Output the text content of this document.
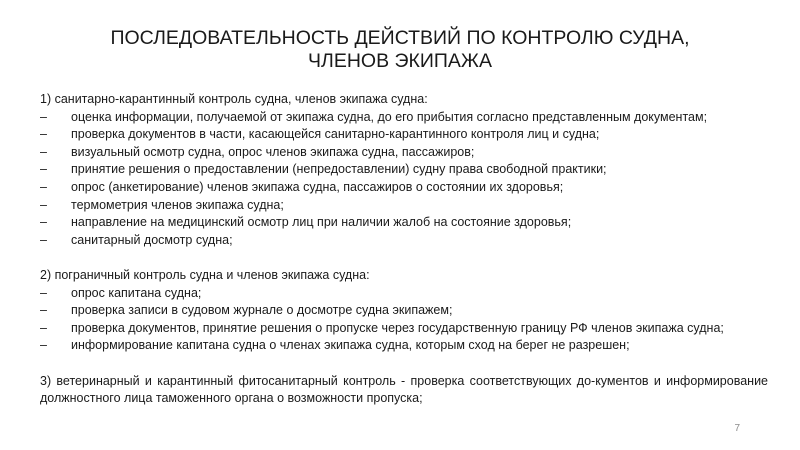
ПОСЛЕДОВАТЕЛЬНОСТЬ ДЕЙСТВИЙ ПО КОНТРОЛЮ СУДНА,
ЧЛЕНОВ ЭКИПАЖА
1) санитарно-карантинный контроль судна, членов экипажа судна:
– оценка информации, получаемой от экипажа судна, до его прибытия согласно представленным документам;
– проверка документов в части, касающейся санитарно-карантинного контроля лиц и судна;
– визуальный осмотр судна, опрос членов экипажа судна, пассажиров;
– принятие решения о предоставлении (непредоставлении) судну права свободной практики;
– опрос (анкетирование) членов экипажа судна, пассажиров о состоянии их здоровья;
– термометрия членов экипажа судна;
– направление на медицинский осмотр лиц при наличии жалоб на состояние здоровья;
– санитарный досмотр судна;
2) пограничный контроль судна и членов экипажа судна:
– опрос капитана судна;
– проверка записи в судовом журнале о досмотре судна экипажем;
– проверка документов, принятие решения о пропуске через государственную границу РФ членов экипажа судна;
– информирование капитана судна о членах экипажа судна, которым сход на берег не разрешен;
3) ветеринарный и карантинный фитосанитарный контроль - проверка соответствующих до-кументов и информирование должностного лица таможенного органа о возможности пропуска;
7
